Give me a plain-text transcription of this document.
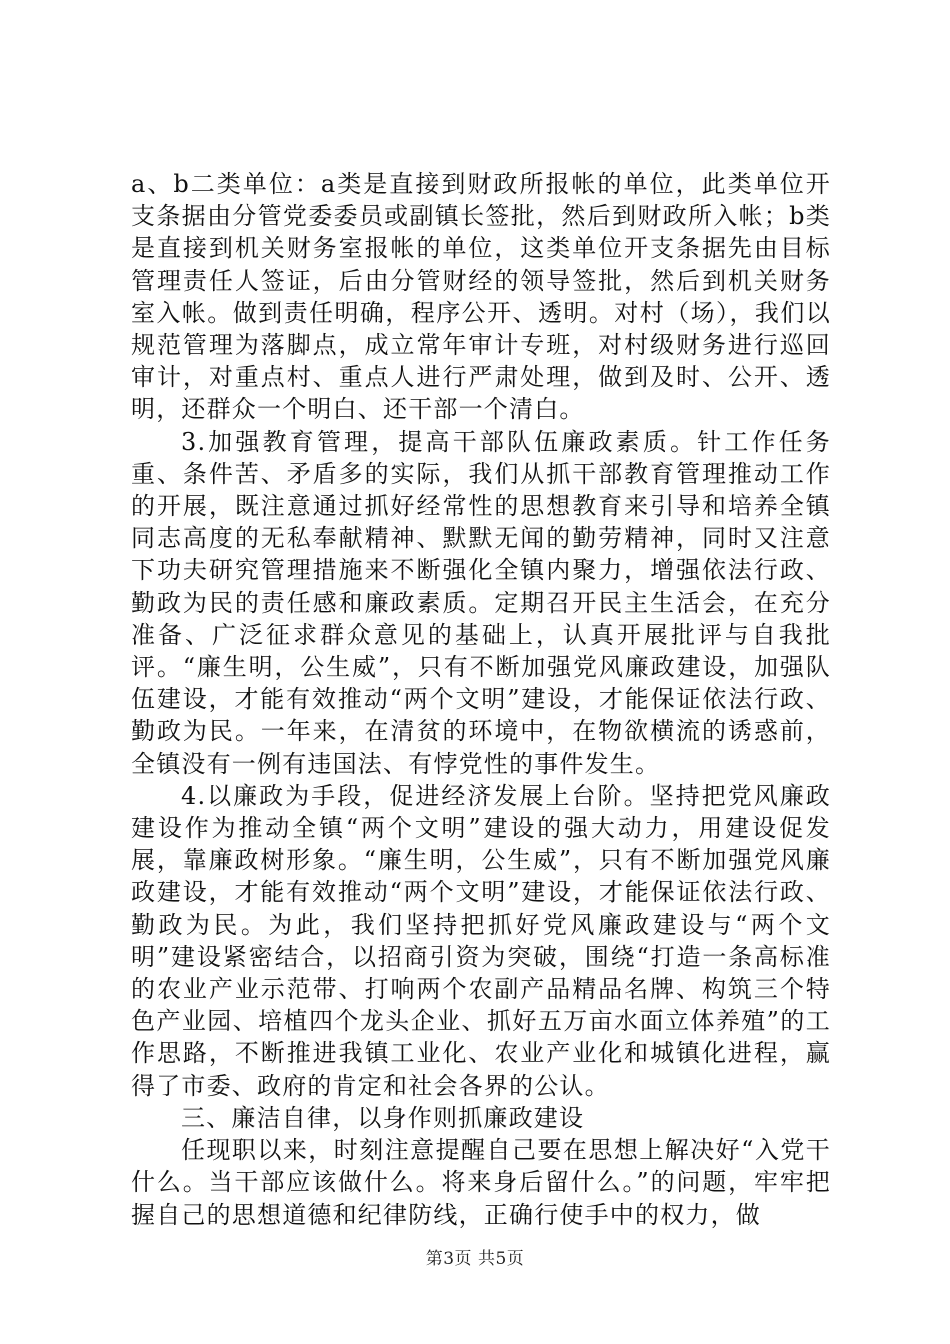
a、b二类单位：a类是直接到财政所报帐的单位，此类单位开支条据由分管党委委员或副镇长签批，然后到财政所入帐；b类是直接到机关财务室报帐的单位，这类单位开支条据先由目标管理责任人签证，后由分管财经的领导签批，然后到机关财务室入帐。做到责任明确，程序公开、透明。对村（场），我们以规范管理为落脚点，成立常年审计专班，对村级财务进行巡回审计，对重点村、重点人进行严肃处理，做到及时、公开、透明，还群众一个明白、还干部一个清白。

3.加强教育管理，提高干部队伍廉政素质。针工作任务重、条件苦、矛盾多的实际，我们从抓干部教育管理推动工作的开展，既注意通过抓好经常性的思想教育来引导和培养全镇同志高度的无私奉献精神、默默无闻的勤劳精神，同时又注意下功夫研究管理措施来不断强化全镇内聚力，增强依法行政、勤政为民的责任感和廉政素质。定期召开民主生活会，在充分准备、广泛征求群众意见的基础上，认真开展批评与自我批评。“廉生明，公生威”，只有不断加强党风廉政建设，加强队伍建设，才能有效推动“两个文明”建设，才能保证依法行政、勤政为民。一年来，在清贫的环境中，在物欲横流的诱惑前，全镇没有一例有违国法、有悖党性的事件发生。

4.以廉政为手段，促进经济发展上台阶。坚持把党风廉政建设作为推动全镇“两个文明”建设的强大动力，用建设促发展，靠廉政树形象。“廉生明，公生威”，只有不断加强党风廉政建设，才能有效推动“两个文明”建设，才能保证依法行政、勤政为民。为此，我们坚持把抓好党风廉政建设与“两个文明”建设紧密结合，以招商引资为突破，围绕“打造一条高标准的农业产业示范带、打响两个农副产品精品名牌、构筑三个特色产业园、培植四个龙头企业、抓好五万亩水面立体养殖”的工作思路，不断推进我镇工业化、农业产业化和城镇化进程，赢得了市委、政府的肯定和社会各界的公认。

三、廉洁自律，以身作则抓廉政建设

任现职以来，时刻注意提醒自己要在思想上解决好“入党干什么。当干部应该做什么。将来身后留什么。”的问题，牢牢把握自己的思想道德和纪律防线，正确行使手中的权力，做

第3页 共5页
